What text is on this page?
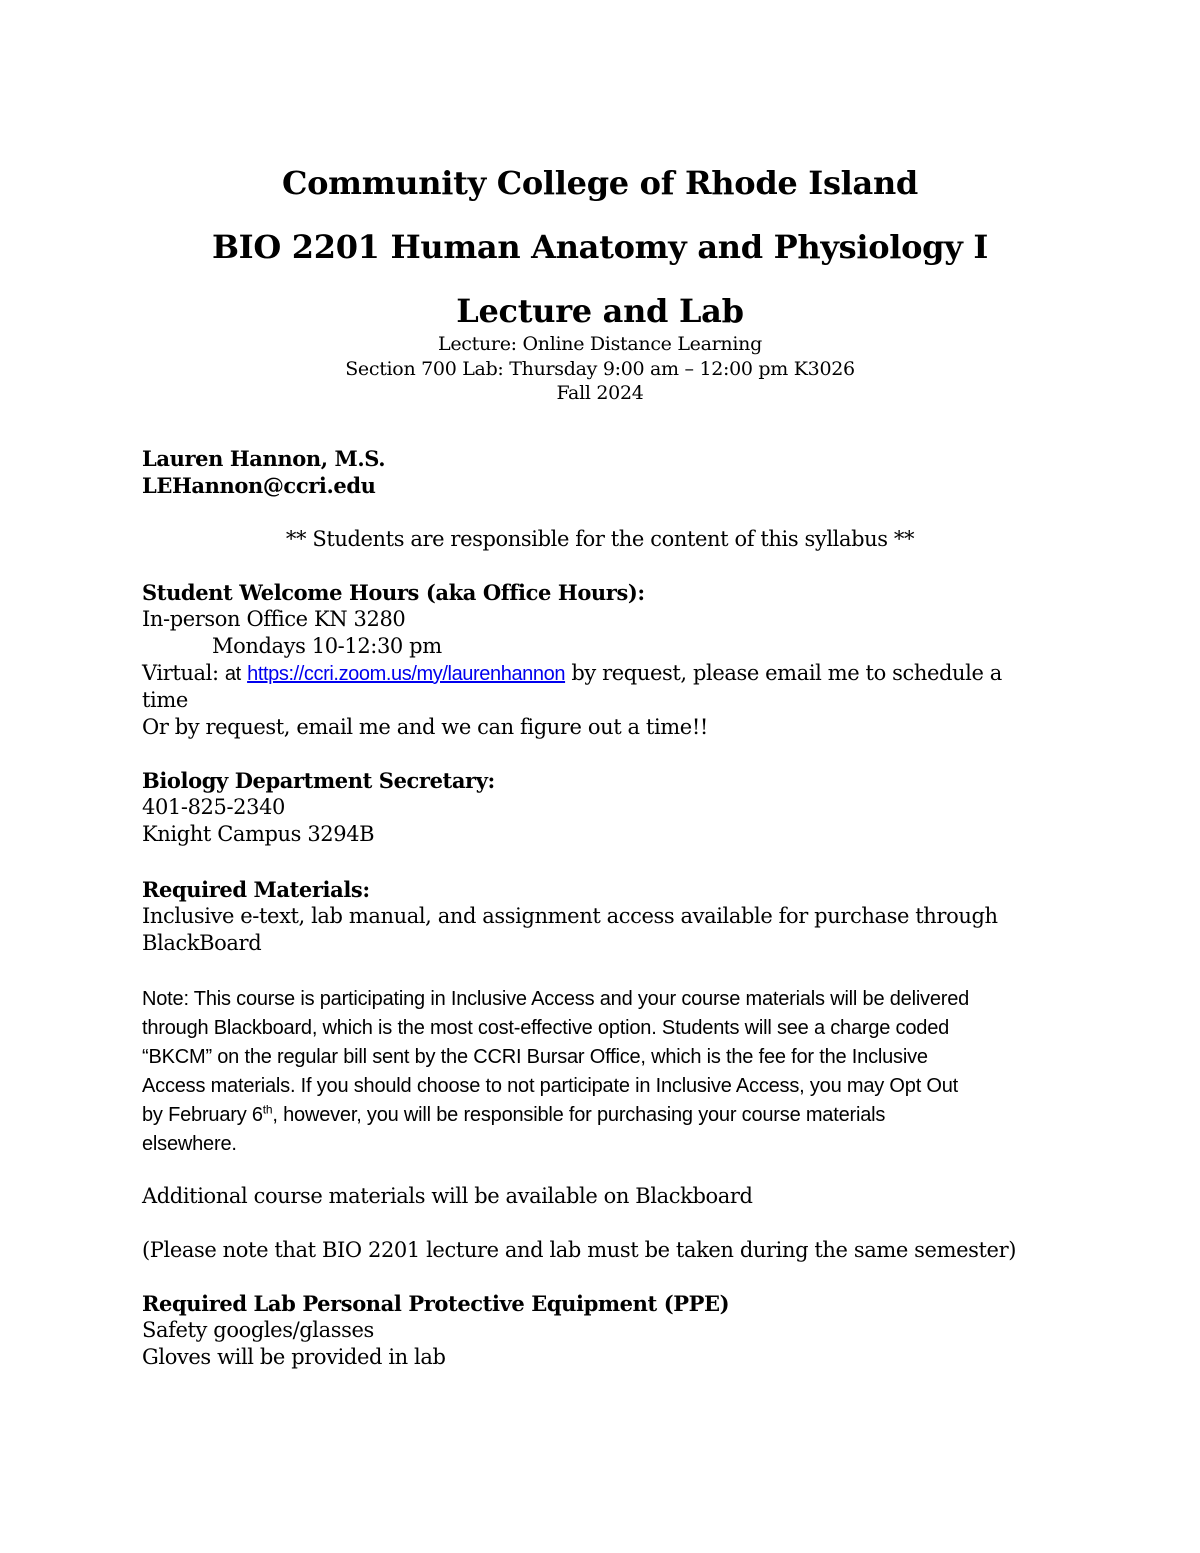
Community College of Rhode Island
BIO 2201 Human Anatomy and Physiology I
Lecture and Lab
Lecture: Online Distance Learning
Section 700 Lab: Thursday 9:00 am – 12:00 pm K3026
Fall 2024
Lauren Hannon, M.S.
LEHannon@ccri.edu
** Students are responsible for the content of this syllabus **
Student Welcome Hours (aka Office Hours):
In-person Office KN 3280
Mondays 10-12:30 pm
Virtual: at https://ccri.zoom.us/my/laurenhannon by request, please email me to schedule a
time
Or by request, email me and we can figure out a time!!
Biology Department Secretary:
401-825-2340
Knight Campus 3294B
Required Materials:
Inclusive e-text, lab manual, and assignment access available for purchase through
BlackBoard
Note: This course is participating in Inclusive Access and your course materials will be delivered
through Blackboard, which is the most cost-effective option. Students will see a charge coded
“BKCM” on the regular bill sent by the CCRI Bursar Office, which is the fee for the Inclusive
Access materials. If you should choose to not participate in Inclusive Access, you may Opt Out
by February 6th, however, you will be responsible for purchasing your course materials
elsewhere.
Additional course materials will be available on Blackboard
(Please note that BIO 2201 lecture and lab must be taken during the same semester)
Required Lab Personal Protective Equipment (PPE)
Safety googles/glasses
Gloves will be provided in lab
